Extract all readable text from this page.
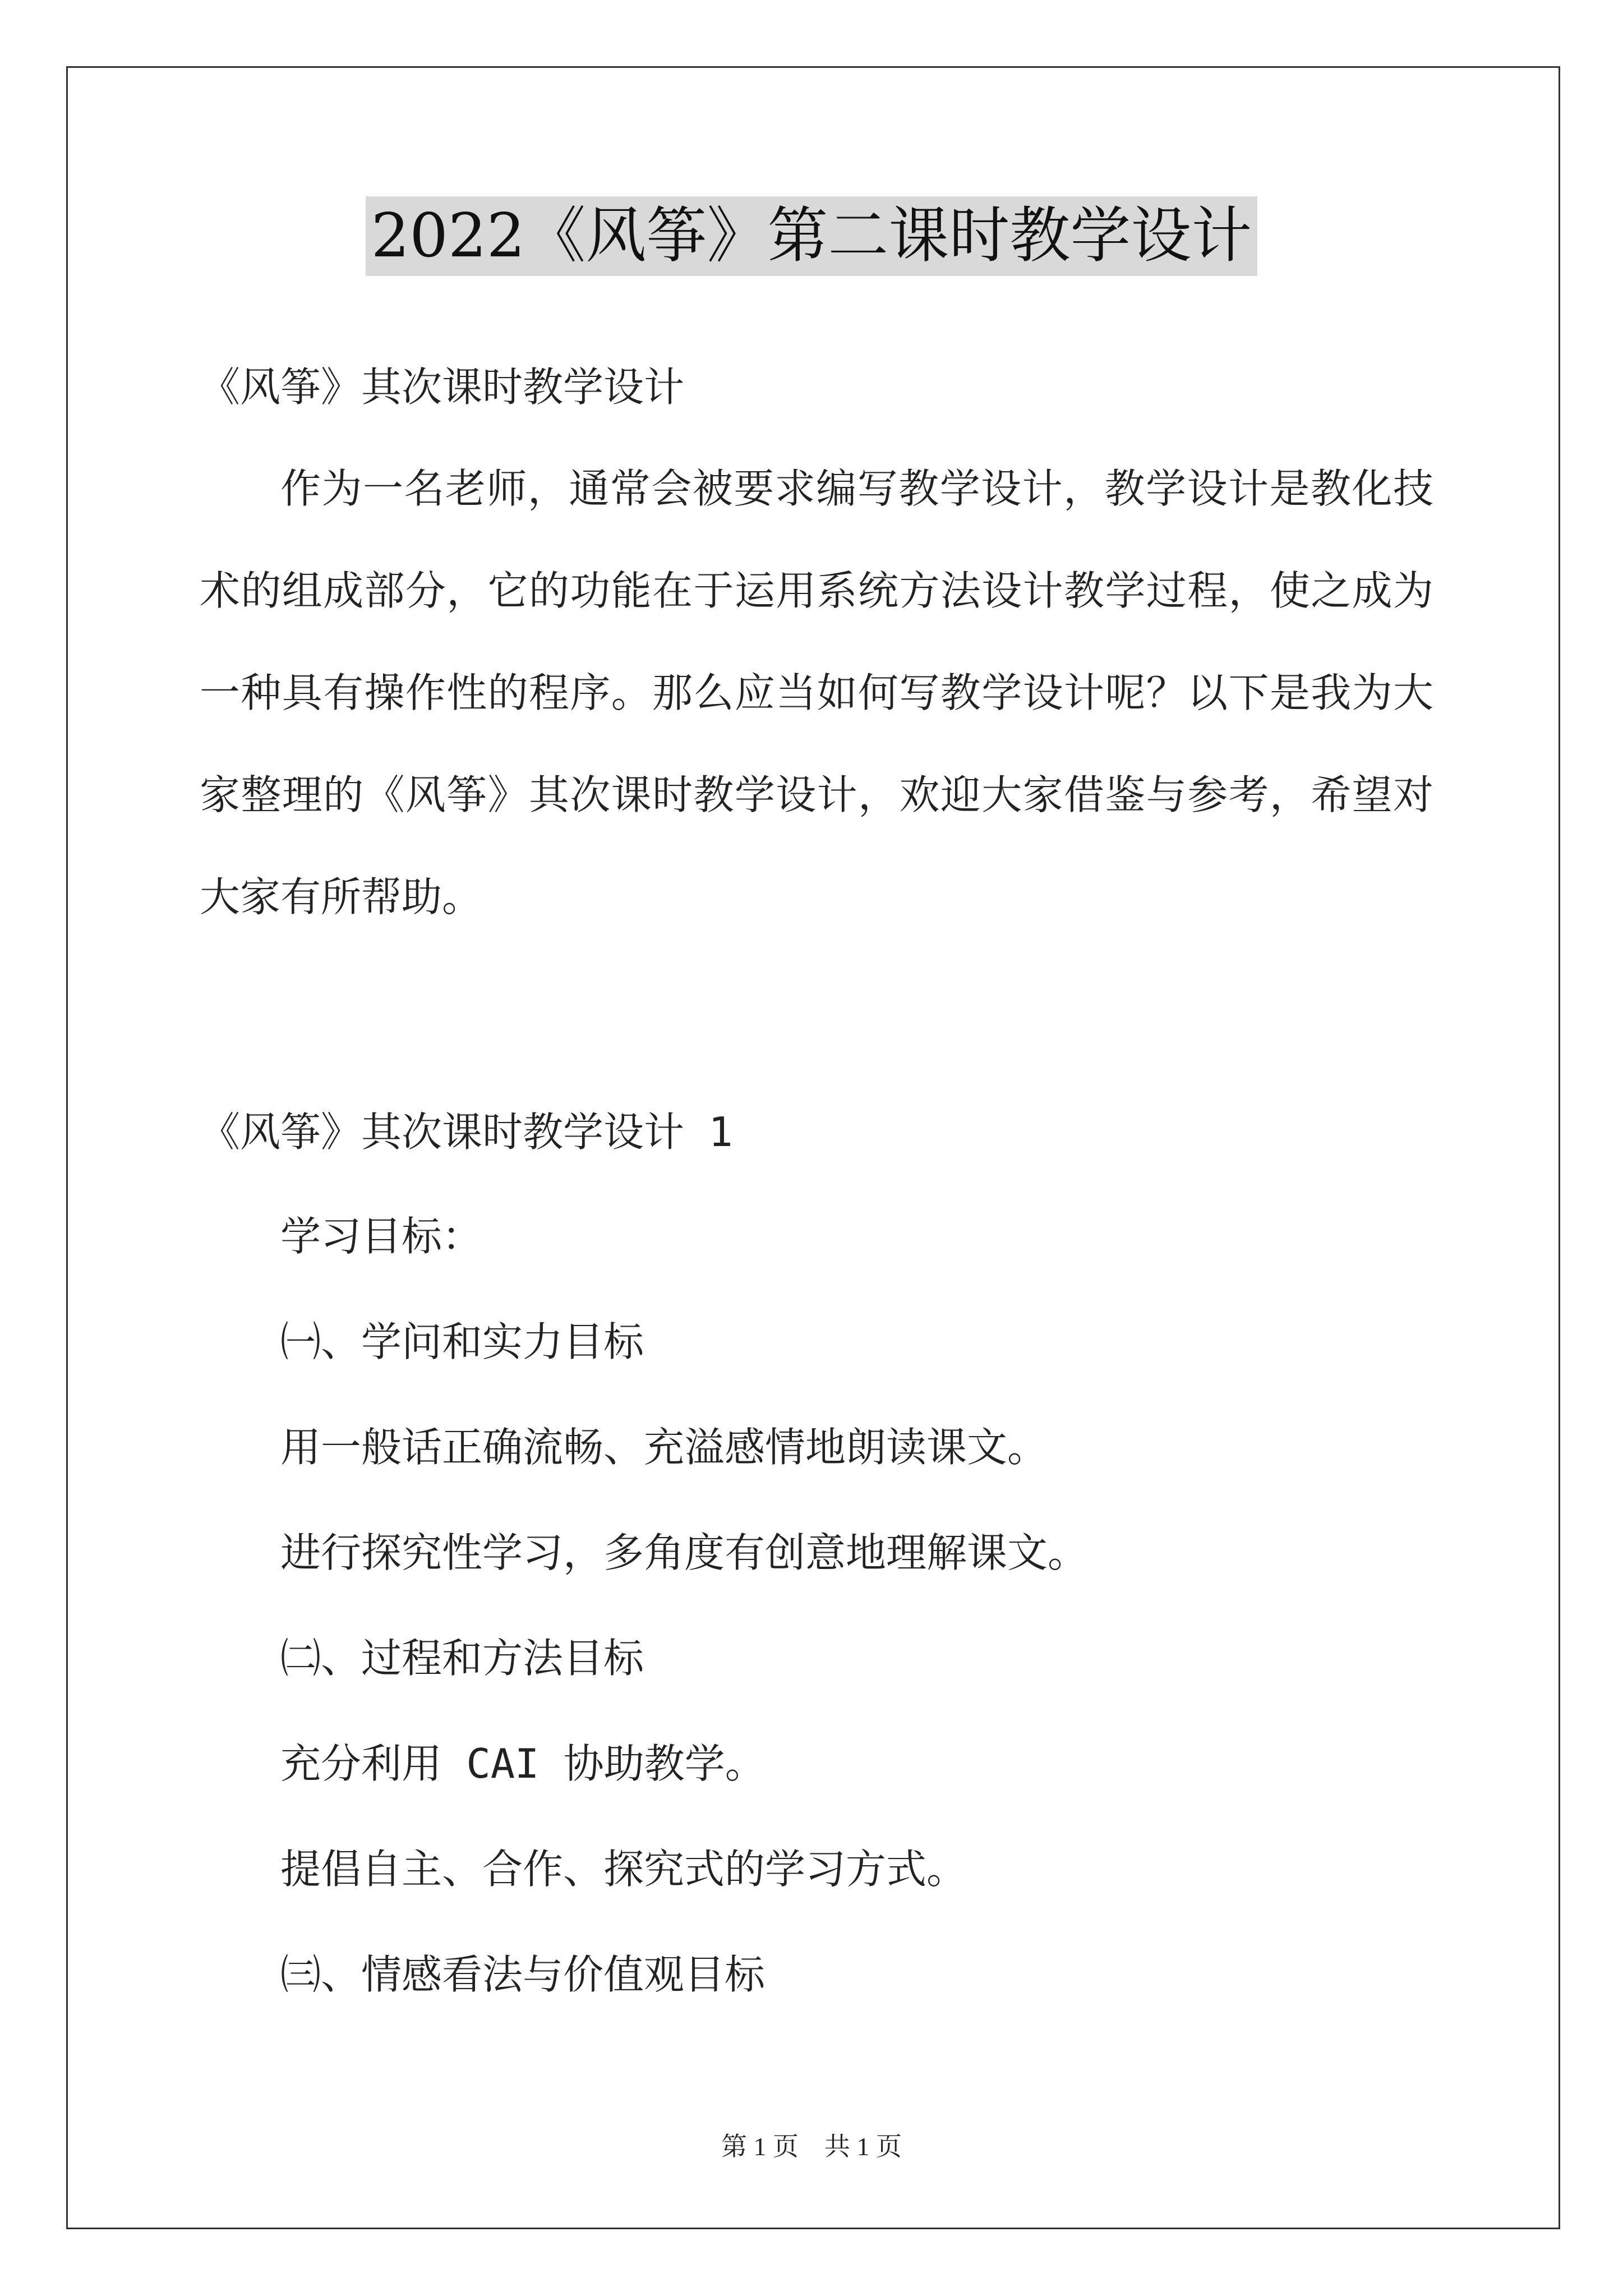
2022《风筝》第二课时教学设计

《风筝》其次课时教学设计

作为一名老师，通常会被要求编写教学设计，教学设计是教化技术的组成部分，它的功能在于运用系统方法设计教学过程，使之成为一种具有操作性的程序。那么应当如何写教学设计呢？以下是我为大家整理的《风筝》其次课时教学设计，欢迎大家借鉴与参考，希望对大家有所帮助。

《风筝》其次课时教学设计 1

学习目标：

㈠、学问和实力目标

用一般话正确流畅、充溢感情地朗读课文。

进行探究性学习，多角度有创意地理解课文。

㈡、过程和方法目标

充分利用 CAI 协助教学。

提倡自主、合作、探究式的学习方式。

㈢、情感看法与价值观目标

第 1 页　共 1 页
